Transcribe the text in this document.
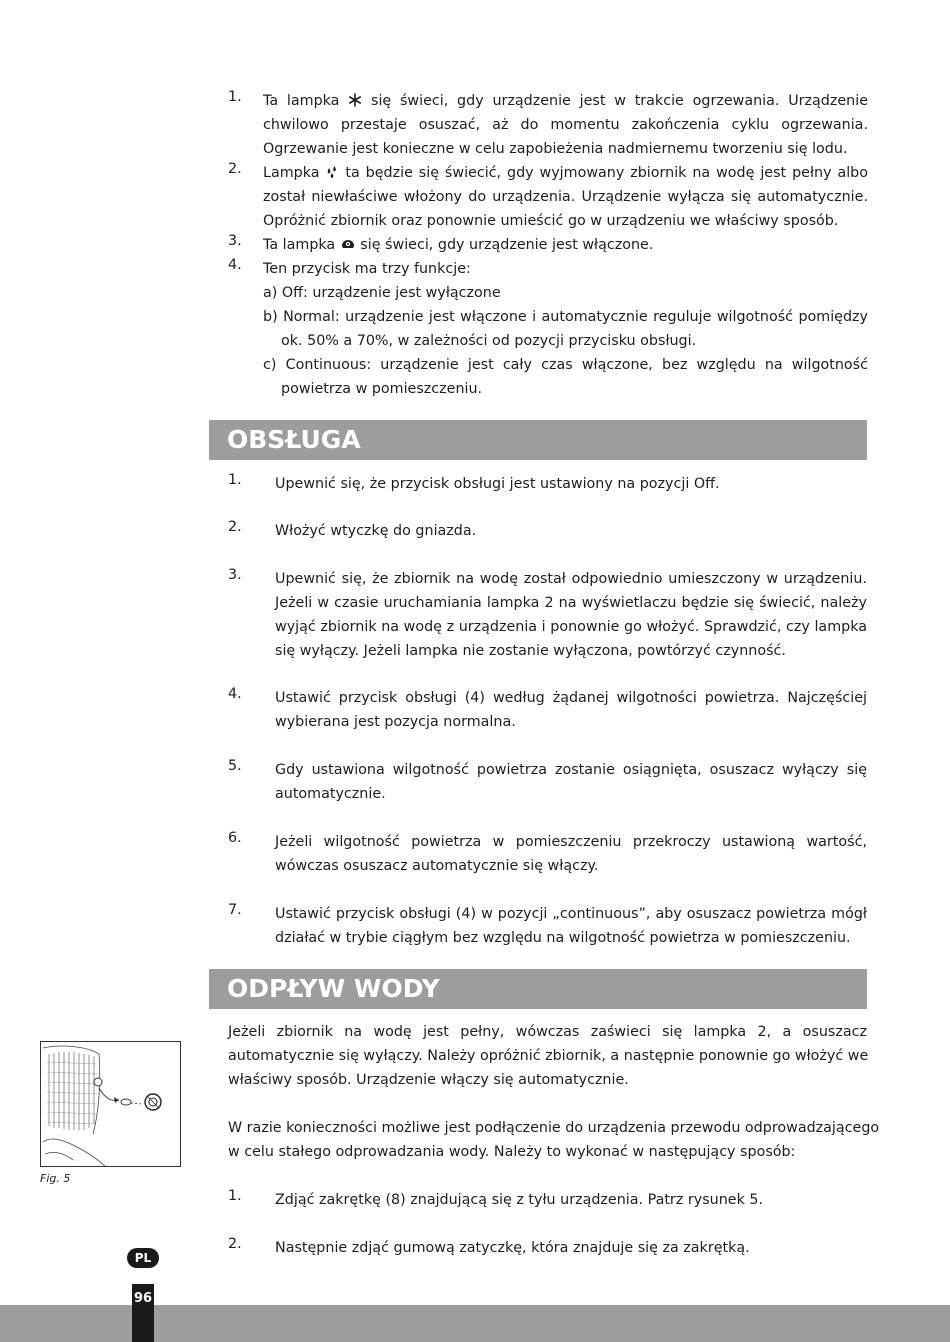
1. Ta lampka  się świeci, gdy urządzenie jest w trakcie ogrzewania. Urządzenie
chwilowo przestaje osuszać, aż do momentu zakończenia cyklu ogrzewania.
Ogrzewanie jest konieczne w celu zapobieżenia nadmiernemu tworzeniu się lodu.
2. Lampka  ta będzie się świecić, gdy wyjmowany zbiornik na wodę jest pełny albo
został niewłaściwe włożony do urządzenia. Urządzenie wyłącza się automatycznie.
Opróżnić zbiornik oraz ponownie umieścić go w urządzeniu we właściwy sposób.
3. Ta lampka  się świeci, gdy urządzenie jest włączone.
4. Ten przycisk ma trzy funkcje:
a) Off: urządzenie jest wyłączone
b) Normal: urządzenie jest włączone i automatycznie reguluje wilgotność pomiędzy
ok. 50% a 70%, w zależności od pozycji przycisku obsługi.
c) Continuous: urządzenie jest cały czas włączone, bez względu na wilgotność
powietrza w pomieszczeniu.
OBSŁUGA
1. Upewnić się, że przycisk obsługi jest ustawiony na pozycji Off.
2. Włożyć wtyczkę do gniazda.
3. Upewnić się, że zbiornik na wodę został odpowiednio umieszczony w urządzeniu.
Jeżeli w czasie uruchamiania lampka 2 na wyświetlaczu będzie się świecić, należy
wyjąć zbiornik na wodę z urządzenia i ponownie go włożyć. Sprawdzić, czy lampka
się wyłączy. Jeżeli lampka nie zostanie wyłączona, powtórzyć czynność.
4. Ustawić przycisk obsługi (4) według żądanej wilgotności powietrza. Najczęściej
wybierana jest pozycja normalna.
5. Gdy ustawiona wilgotność powietrza zostanie osiągnięta, osuszacz wyłączy się
automatycznie.
6. Jeżeli wilgotność powietrza w pomieszczeniu przekroczy ustawioną wartość,
wówczas osuszacz automatycznie się włączy.
7. Ustawić przycisk obsługi (4) w pozycji „continuous”, aby osuszacz powietrza mógł
działać w trybie ciągłym bez względu na wilgotność powietrza w pomieszczeniu.
ODPŁYW WODY
Jeżeli zbiornik na wodę jest pełny, wówczas zaświeci się lampka 2, a osuszacz
automatycznie się wyłączy. Należy opróżnić zbiornik, a następnie ponownie go włożyć we
właściwy sposób. Urządzenie włączy się automatycznie.
W razie konieczności możliwe jest podłączenie do urządzenia przewodu odprowadzającego
w celu stałego odprowadzania wody. Należy to wykonać w następujący sposób:
1. Zdjąć zakrętkę (8) znajdującą się z tyłu urządzenia. Patrz rysunek 5.
2. Następnie zdjąć gumową zatyczkę, która znajduje się za zakrętką.
Fig. 5
PL
96
